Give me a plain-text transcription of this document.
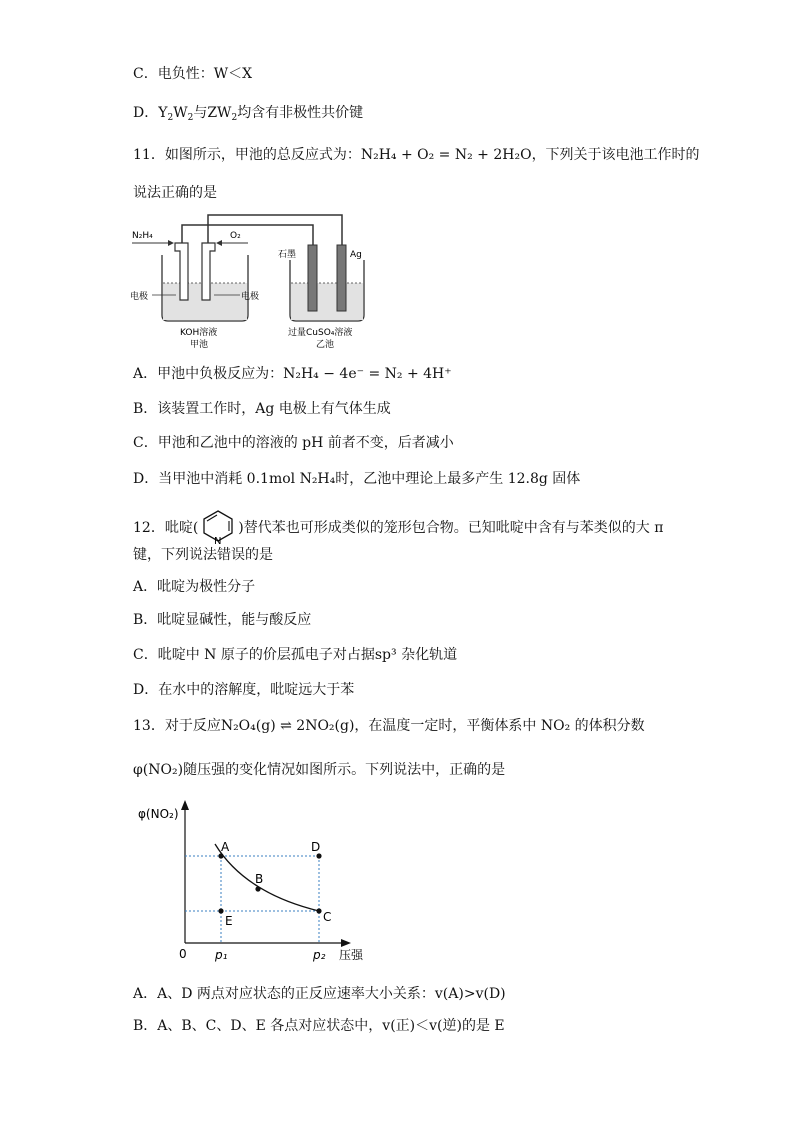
C．电负性：W＜X
D．$Y_2W_2$与$ZW_2$均含有非极性共价键
11．如图所示，甲池的总反应式为：N₂H₄ + O₂ = N₂ + 2H₂O，下列关于该电池工作时的
说法正确的是
N₂H₄	O₂
石墨	Ag
电极	电极
KOH溶液
甲池
过量CuSO₄溶液
乙池
A．甲池中负极反应为：N₂H₄ − 4e⁻ = N₂ + 4H⁺
B．该装置工作时，Ag 电极上有气体生成
C．甲池和乙池中的溶液的 pH 前者不变，后者减小
D．当甲池中消耗 0.1mol N₂H₄时，乙池中理论上最多产生 12.8g 固体
12．吡啶(
N
)替代苯也可形成类似的笼形包合物。已知吡啶中含有与苯类似的大 π
键，下列说法错误的是
A．吡啶为极性分子
B．吡啶显碱性，能与酸反应
C．吡啶中 N 原子的价层孤电子对占据sp³ 杂化轨道
D．在水中的溶解度，吡啶远大于苯
13．对于反应N₂O₄(g) ⇌ 2NO₂(g)，在温度一定时，平衡体系中 NO₂ 的体积分数
φ(NO₂)随压强的变化情况如图所示。下列说法中，正确的是
φ(NO₂)
A
B
C
D
E
0 p₁	p₂ 压强
A．A、D 两点对应状态的正反应速率大小关系：v(A)>v(D)
B．A、B、C、D、E 各点对应状态中，v(正)＜v(逆)的是 E
